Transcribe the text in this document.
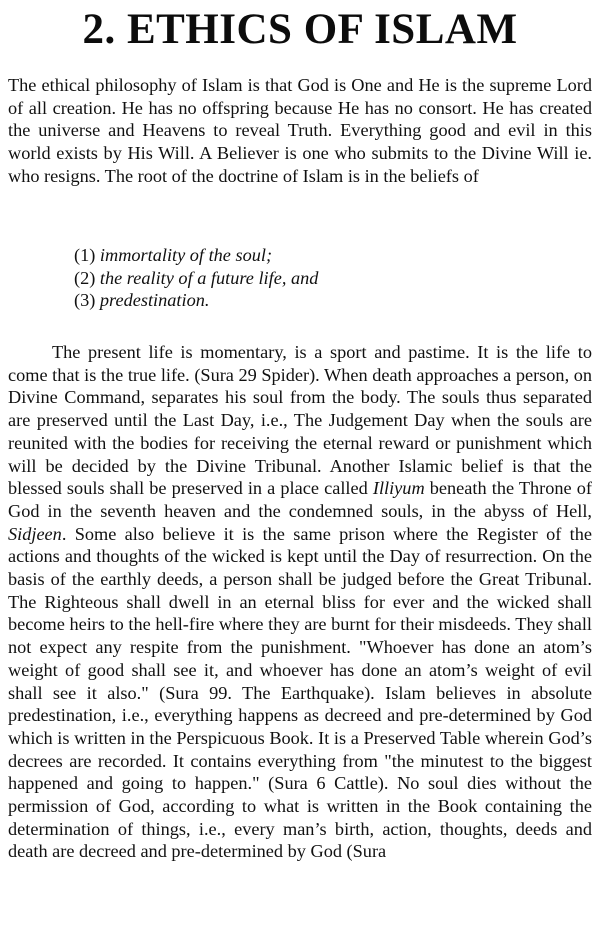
2. ETHICS OF ISLAM

The ethical philosophy of Islam is that God is One and He is the supreme Lord of all creation. He has no offspring because He has no consort. He has created the universe and Heavens to reveal Truth. Everything good and evil in this world exists by His Will. A Believer is one who submits to the Divine Will ie. who resigns. The root of the doctrine of Islam is in the beliefs of

(1) immortality of the soul;
(2) the reality of a future life, and
(3) predestination.

The present life is momentary, is a sport and pastime. It is the life to come that is the true life. (Sura 29 Spider). When death approaches a person, on Divine Command, separates his soul from the body. The souls thus separated are preserved until the Last Day, i.e., The Judgement Day when the souls are reunited with the bodies for receiving the eternal reward or punishment which will be decided by the Divine Tribunal. Another Islamic belief is that the blessed souls shall be preserved in a place called Illiyum beneath the Throne of God in the seventh heaven and the condemned souls, in the abyss of Hell, Sidjeen. Some also believe it is the same prison where the Register of the actions and thoughts of the wicked is kept until the Day of resurrection. On the basis of the earthly deeds, a person shall be judged before the Great Tribunal. The Righteous shall dwell in an eternal bliss for ever and the wicked shall become heirs to the hell-fire where they are burnt for their misdeeds. They shall not expect any respite from the punishment. "Whoever has done an atom’s weight of good shall see it, and whoever has done an atom’s weight of evil shall see it also." (Sura 99. The Earthquake). Islam believes in absolute predestination, i.e., everything happens as decreed and pre-determined by God which is written in the Perspicuous Book. It is a Preserved Table wherein God’s decrees are recorded. It contains everything from "the minutest to the biggest happened and going to happen." (Sura 6 Cattle). No soul dies without the permission of God, according to what is written in the Book containing the determination of things, i.e., every man’s birth, action, thoughts, deeds and death are decreed and pre-determined by God (Sura
